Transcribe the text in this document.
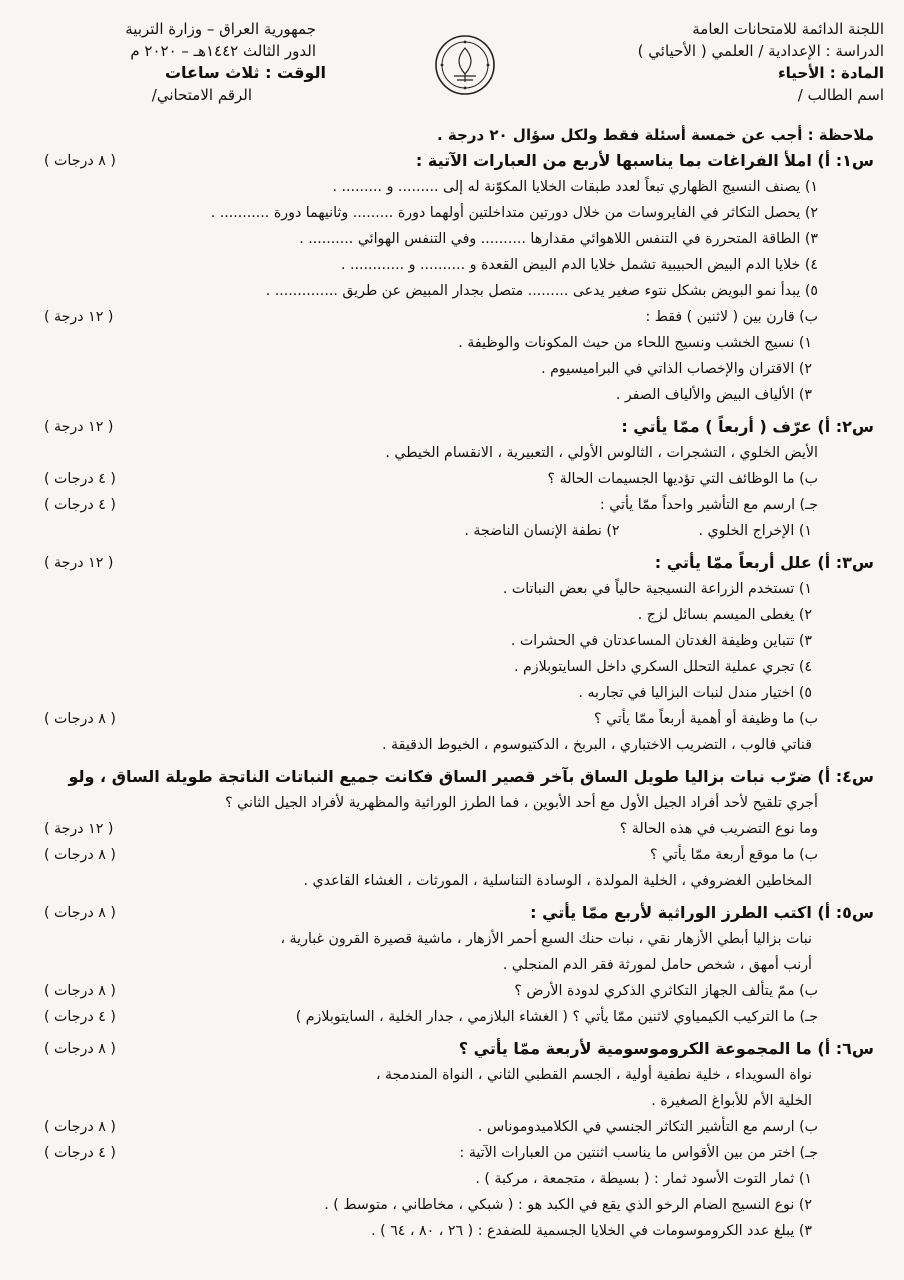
اللجنة الدائمة للامتحانات العامة
الدراسة : الإعدادية / العلمي ( الأحيائي )
المادة : الأحياء
اسم الطالب /
جمهورية العراق – وزارة التربية
الدور الثالث ١٤٤٢هـ – ٢٠٢٠ م
الوقت : ثلاث ساعات
الرقم الامتحاني/
ملاحظة : أجب عن خمسة أسئلة فقط ولكل سؤال ٢٠ درجة .
س١: أ) املأ الفراغات بما يناسبها لأربع من العبارات الآتية :
( ٨ درجات )
١) يصنف النسيج الظهاري تبعاً لعدد طبقات الخلايا المكوّنة له إلى ......... و ......... .
٢) يحصل التكاثر في الفايروسات من خلال دورتين متداخلتين أولهما دورة ......... وثانيهما دورة ........... .
٣) الطاقة المتحررة في التنفس اللاهوائي مقدارها .......... وفي التنفس الهوائي .......... .
٤) خلايا الدم البيض الحبيبية تشمل خلايا الدم البيض القعدة و .......... و ............ .
٥) يبدأ نمو البويض بشكل نتوء صغير يدعى ......... متصل بجدار المبيض عن طريق .............. .
ب) قارن بين ( لاثنين ) فقط :
( ١٢ درجة )
١) نسيج الخشب ونسيج اللحاء من حيث المكونات والوظيفة .
٢) الاقتران والإخصاب الذاتي في البراميسيوم .
٣) الألياف البيض والألياف الصفر .
س٢: أ) عرّف ( أربعاً ) ممّا يأتي :
( ١٢ درجة )
الأيض الخلوي ، التشجرات ، الثالوس الأولي ، التعبيرية ، الانقسام الخيطي .
ب) ما الوظائف التي تؤديها الجسيمات الحالة ؟
( ٤ درجات )
جـ) ارسم مع التأشير واحداً ممّا يأتي :
( ٤ درجات )
١) الإخراج الخلوي .  ٢) نطفة الإنسان الناضجة .
س٣: أ) علل أربعاً ممّا يأتي :
( ١٢ درجة )
١) تستخدم الزراعة النسيجية حالياً في بعض النباتات .
٢) يغطى الميسم بسائل لزج .
٣) تتباين وظيفة الغدتان المساعدتان في الحشرات .
٤) تجري عملية التحلل السكري داخل السايتوبلازم .
٥) اختيار مندل لنبات البزاليا في تجاربه .
ب) ما وظيفة أو أهمية أربعاً ممّا يأتي ؟
( ٨ درجات )
قناتي فالوب ، التضريب الاختباري ، البربخ ، الدكتيوسوم ، الخيوط الدقيقة .
س٤: أ) ضرّب نبات بزاليا طويل الساق بآخر قصير الساق فكانت جميع النباتات الناتجة طويلة الساق ، ولو
أجري تلقيح لأحد أفراد الجيل الأول مع أحد الأبوين ، فما الطرز الوراثية والمظهرية لأفراد الجيل الثاني ؟
وما نوع التضريب في هذه الحالة ؟
( ١٢ درجة )
ب) ما موقع أربعة ممّا يأتي ؟
( ٨ درجات )
المخاطين الغضروفي ، الخلية المولدة ، الوسادة التناسلية ، المورثات ، الغشاء القاعدي .
س٥: أ) اكتب الطرز الوراثية لأربع ممّا يأتي :
( ٨ درجات )
نبات بزاليا أبطي الأزهار نقي ، نبات حنك السبع أحمر الأزهار ، ماشية قصيرة القرون غبارية ،
أرنب أمهق ، شخص حامل لمورثة فقر الدم المنجلي .
ب) ممّ يتألف الجهاز التكاثري الذكري لدودة الأرض ؟
( ٨ درجات )
جـ) ما التركيب الكيمياوي لاثنين ممّا يأتي ؟ ( الغشاء البلازمي ، جدار الخلية ، السايتوبلازم )
( ٤ درجات )
س٦: أ) ما المجموعة الكروموسومية لأربعة ممّا يأتي ؟
( ٨ درجات )
نواة السويداء ، خلية نطفية أولية ، الجسم القطبي الثاني ، النواة المندمجة ،
الخلية الأم للأبواغ الصغيرة .
ب) ارسم مع التأشير التكاثر الجنسي في الكلاميدوموناس .
( ٨ درجات )
جـ) اختر من بين الأقواس ما يناسب اثنتين من العبارات الآتية :
( ٤ درجات )
١) ثمار التوت الأسود ثمار : ( بسيطة ، متجمعة ، مركبة ) .
٢) نوع النسيج الضام الرخو الذي يقع في الكبد هو : ( شبكي ، مخاطاني ، متوسط ) .
٣) يبلغ عدد الكروموسومات في الخلايا الجسمية للضفدع : ( ٢٦ ، ٨٠ ، ٦٤ ) .
